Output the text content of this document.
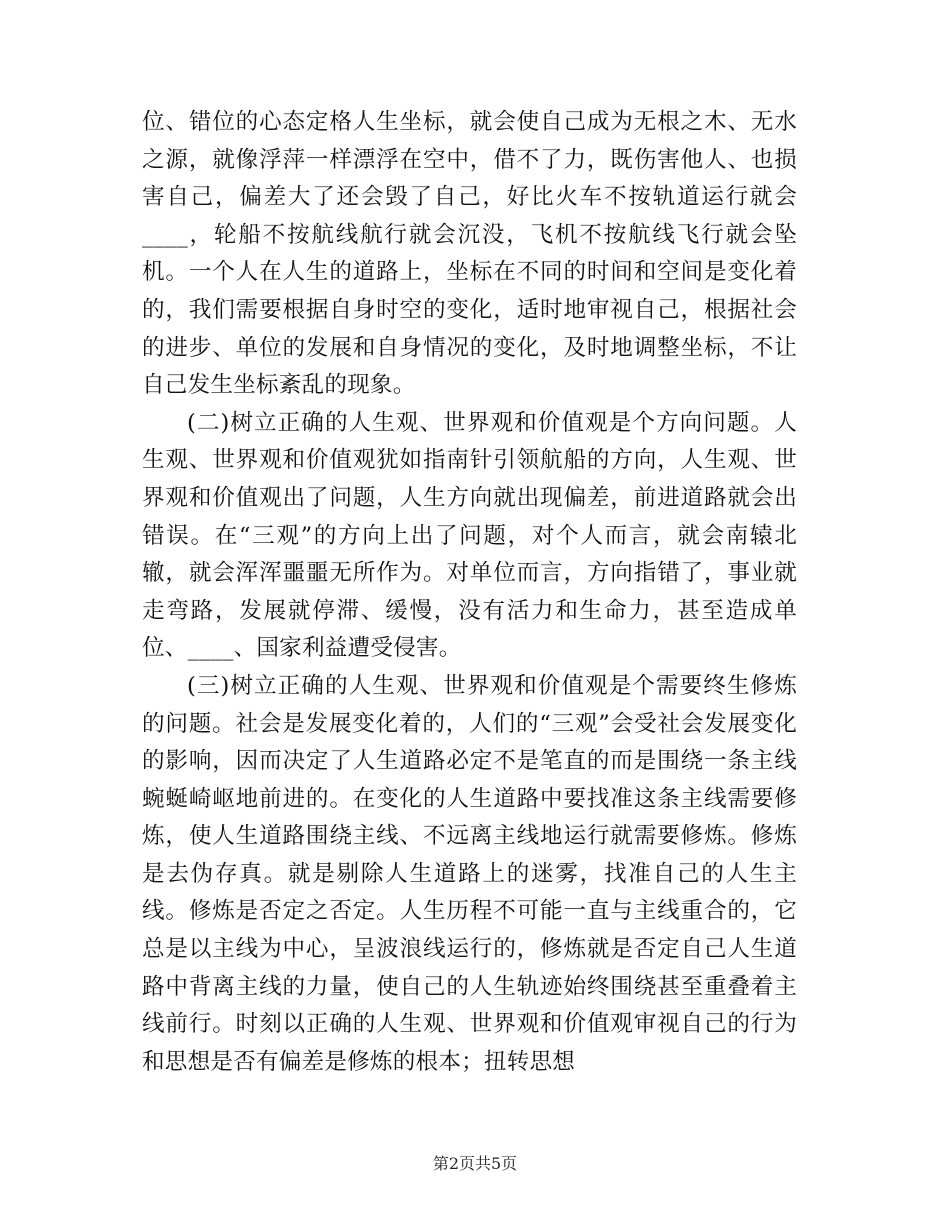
位、错位的心态定格人生坐标，就会使自己成为无根之木、无水之源，就像浮萍一样漂浮在空中，借不了力，既伤害他人、也损害自己，偏差大了还会毁了自己，好比火车不按轨道运行就会____，轮船不按航线航行就会沉没，飞机不按航线飞行就会坠机。一个人在人生的道路上，坐标在不同的时间和空间是变化着的，我们需要根据自身时空的变化，适时地审视自己，根据社会的进步、单位的发展和自身情况的变化，及时地调整坐标，不让自己发生坐标紊乱的现象。

(二)树立正确的人生观、世界观和价值观是个方向问题。人生观、世界观和价值观犹如指南针引领航船的方向，人生观、世界观和价值观出了问题，人生方向就出现偏差，前进道路就会出错误。在“三观”的方向上出了问题，对个人而言，就会南辕北辙，就会浑浑噩噩无所作为。对单位而言，方向指错了，事业就走弯路，发展就停滞、缓慢，没有活力和生命力，甚至造成单位、____、国家利益遭受侵害。

(三)树立正确的人生观、世界观和价值观是个需要终生修炼的问题。社会是发展变化着的，人们的“三观”会受社会发展变化的影响，因而决定了人生道路必定不是笔直的而是围绕一条主线蜿蜒崎岖地前进的。在变化的人生道路中要找准这条主线需要修炼，使人生道路围绕主线、不远离主线地运行就需要修炼。修炼是去伪存真。就是剔除人生道路上的迷雾，找准自己的人生主线。修炼是否定之否定。人生历程不可能一直与主线重合的，它总是以主线为中心，呈波浪线运行的，修炼就是否定自己人生道路中背离主线的力量，使自己的人生轨迹始终围绕甚至重叠着主线前行。时刻以正确的人生观、世界观和价值观审视自己的行为和思想是否有偏差是修炼的根本；扭转思想

第2页共5页
